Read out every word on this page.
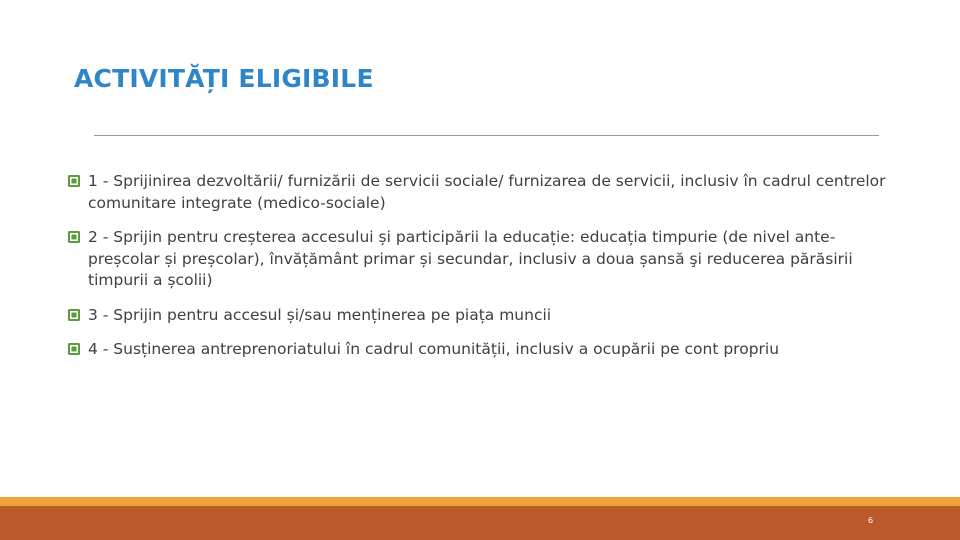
ACTIVITĂȚI ELIGIBILE
1 - Sprijinirea dezvoltării/ furnizării de servicii sociale/ furnizarea de servicii, inclusiv în cadrul centrelor comunitare integrate (medico-sociale)
2 - Sprijin pentru creșterea accesului și participării la educație: educația timpurie (de nivel ante-preșcolar și preșcolar), învățământ primar și secundar, inclusiv a doua șansă şi reducerea părăsirii timpurii a școlii)
3 - Sprijin pentru accesul și/sau menținerea pe piața muncii
4 - Susținerea antreprenoriatului în cadrul comunității, inclusiv a ocupării pe cont propriu
6
